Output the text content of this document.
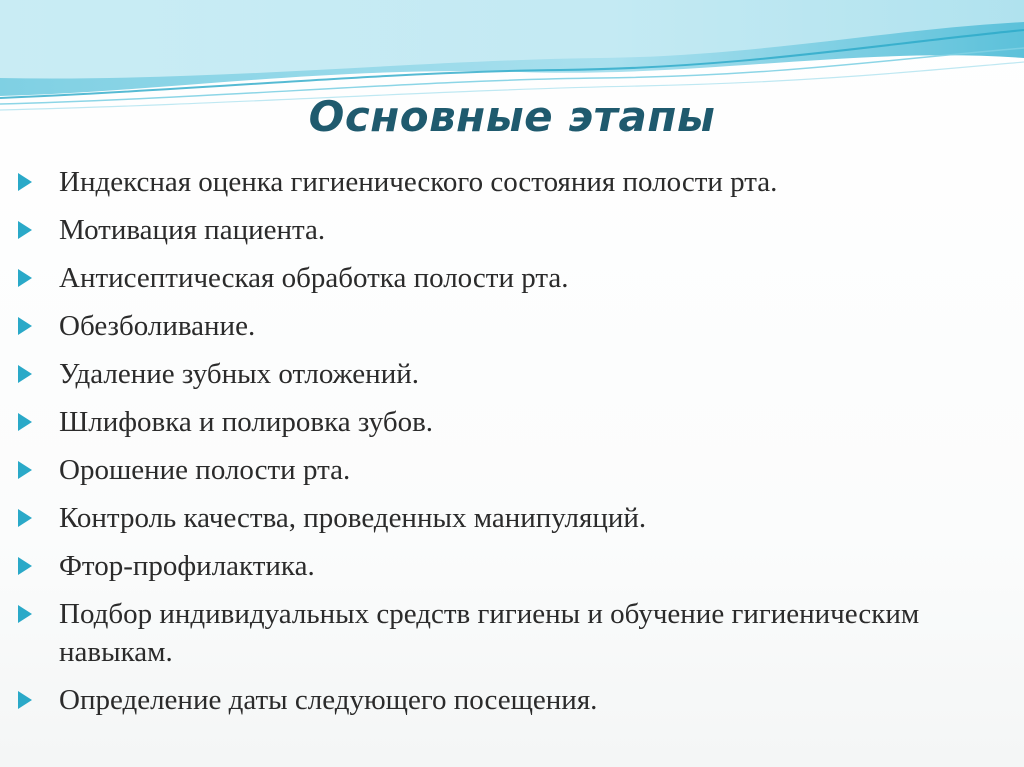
Основные этапы
Индексная оценка гигиенического состояния полости рта.
Мотивация пациента.
Антисептическая обработка полости рта.
Обезболивание.
Удаление зубных отложений.
Шлифовка и полировка зубов.
Орошение полости рта.
Контроль качества, проведенных манипуляций.
Фтор-профилактика.
Подбор индивидуальных средств гигиены и обучение гигиеническим навыкам.
Определение даты следующего посещения.
